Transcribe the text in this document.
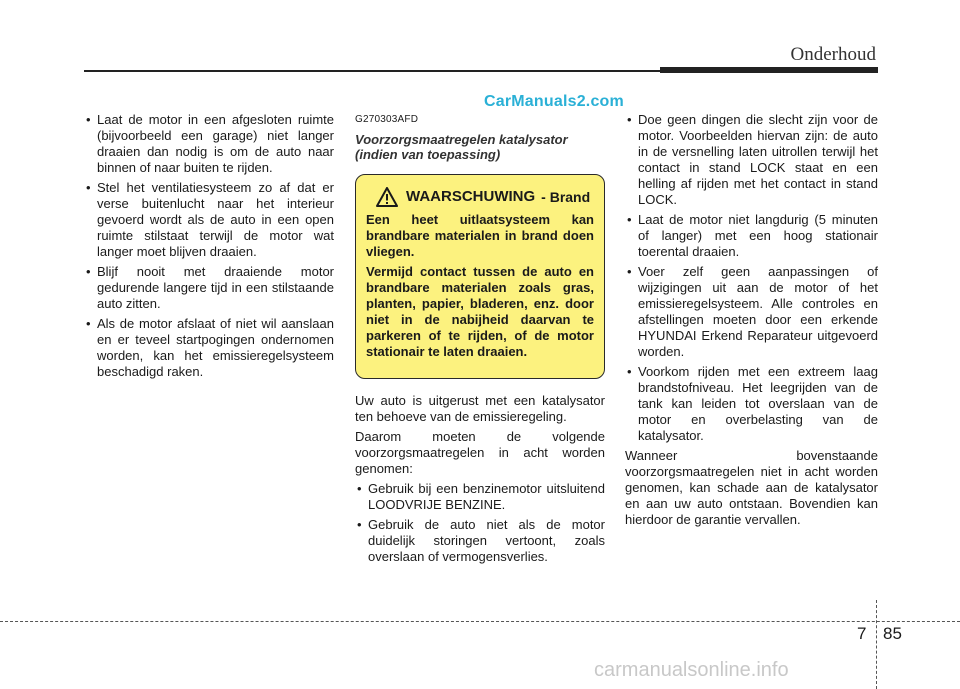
Onderhoud
CarManuals2.com
• Laat de motor in een afgesloten ruimte (bijvoorbeeld een garage) niet langer draaien dan nodig is om de auto naar binnen of naar buiten te rijden.
• Stel het ventilatiesysteem zo af dat er verse buitenlucht naar het interieur gevoerd wordt als de auto in een open ruimte stilstaat terwijl de motor wat langer moet blijven draaien.
• Blijf nooit met draaiende motor gedurende langere tijd in een stilstaande auto zitten.
• Als de motor afslaat of niet wil aanslaan en er teveel startpogingen ondernomen worden, kan het emissieregelsysteem beschadigd raken.
G270303AFD
Voorzorgsmaatregelen katalysator
(indien van toepassing)
WAARSCHUWING - Brand

Een heet uitlaatsysteem kan brandbare materialen in brand doen vliegen.

Vermijd contact tussen de auto en brandbare materialen zoals gras, planten, papier, bladeren, enz. door niet in de nabijheid daarvan te parkeren of te rijden, of de motor stationair te laten draaien.

Uw auto is uitgerust met een katalysator ten behoeve van de emissieregeling.

Daarom moeten de volgende voorzorgsmaatregelen in acht worden genomen:

• Gebruik bij een benzinemotor uitsluitend LOODVRIJE BENZINE.
• Gebruik de auto niet als de motor duidelijk storingen vertoont, zoals overslaan of vermogensverlies.
• Doe geen dingen die slecht zijn voor de motor. Voorbeelden hiervan zijn: de auto in de versnelling laten uitrollen terwijl het contact in stand LOCK staat en een helling af rijden met het contact in stand LOCK.
• Laat de motor niet langdurig (5 minuten of langer) met een hoog stationair toerental draaien.
• Voer zelf geen aanpassingen of wijzigingen uit aan de motor of het emissieregelsysteem. Alle controles en afstellingen moeten door een erkende HYUNDAI Erkend Reparateur uitgevoerd worden.
• Voorkom rijden met een extreem laag brandstofniveau. Het leegrijden van de tank kan leiden tot overslaan van de motor en overbelasting van de katalysator.

Wanneer bovenstaande voorzorgsmaatregelen niet in acht worden genomen, kan schade aan de katalysator en aan uw auto ontstaan. Bovendien kan hierdoor de garantie vervallen.

7 85
carmanualsonline.info
